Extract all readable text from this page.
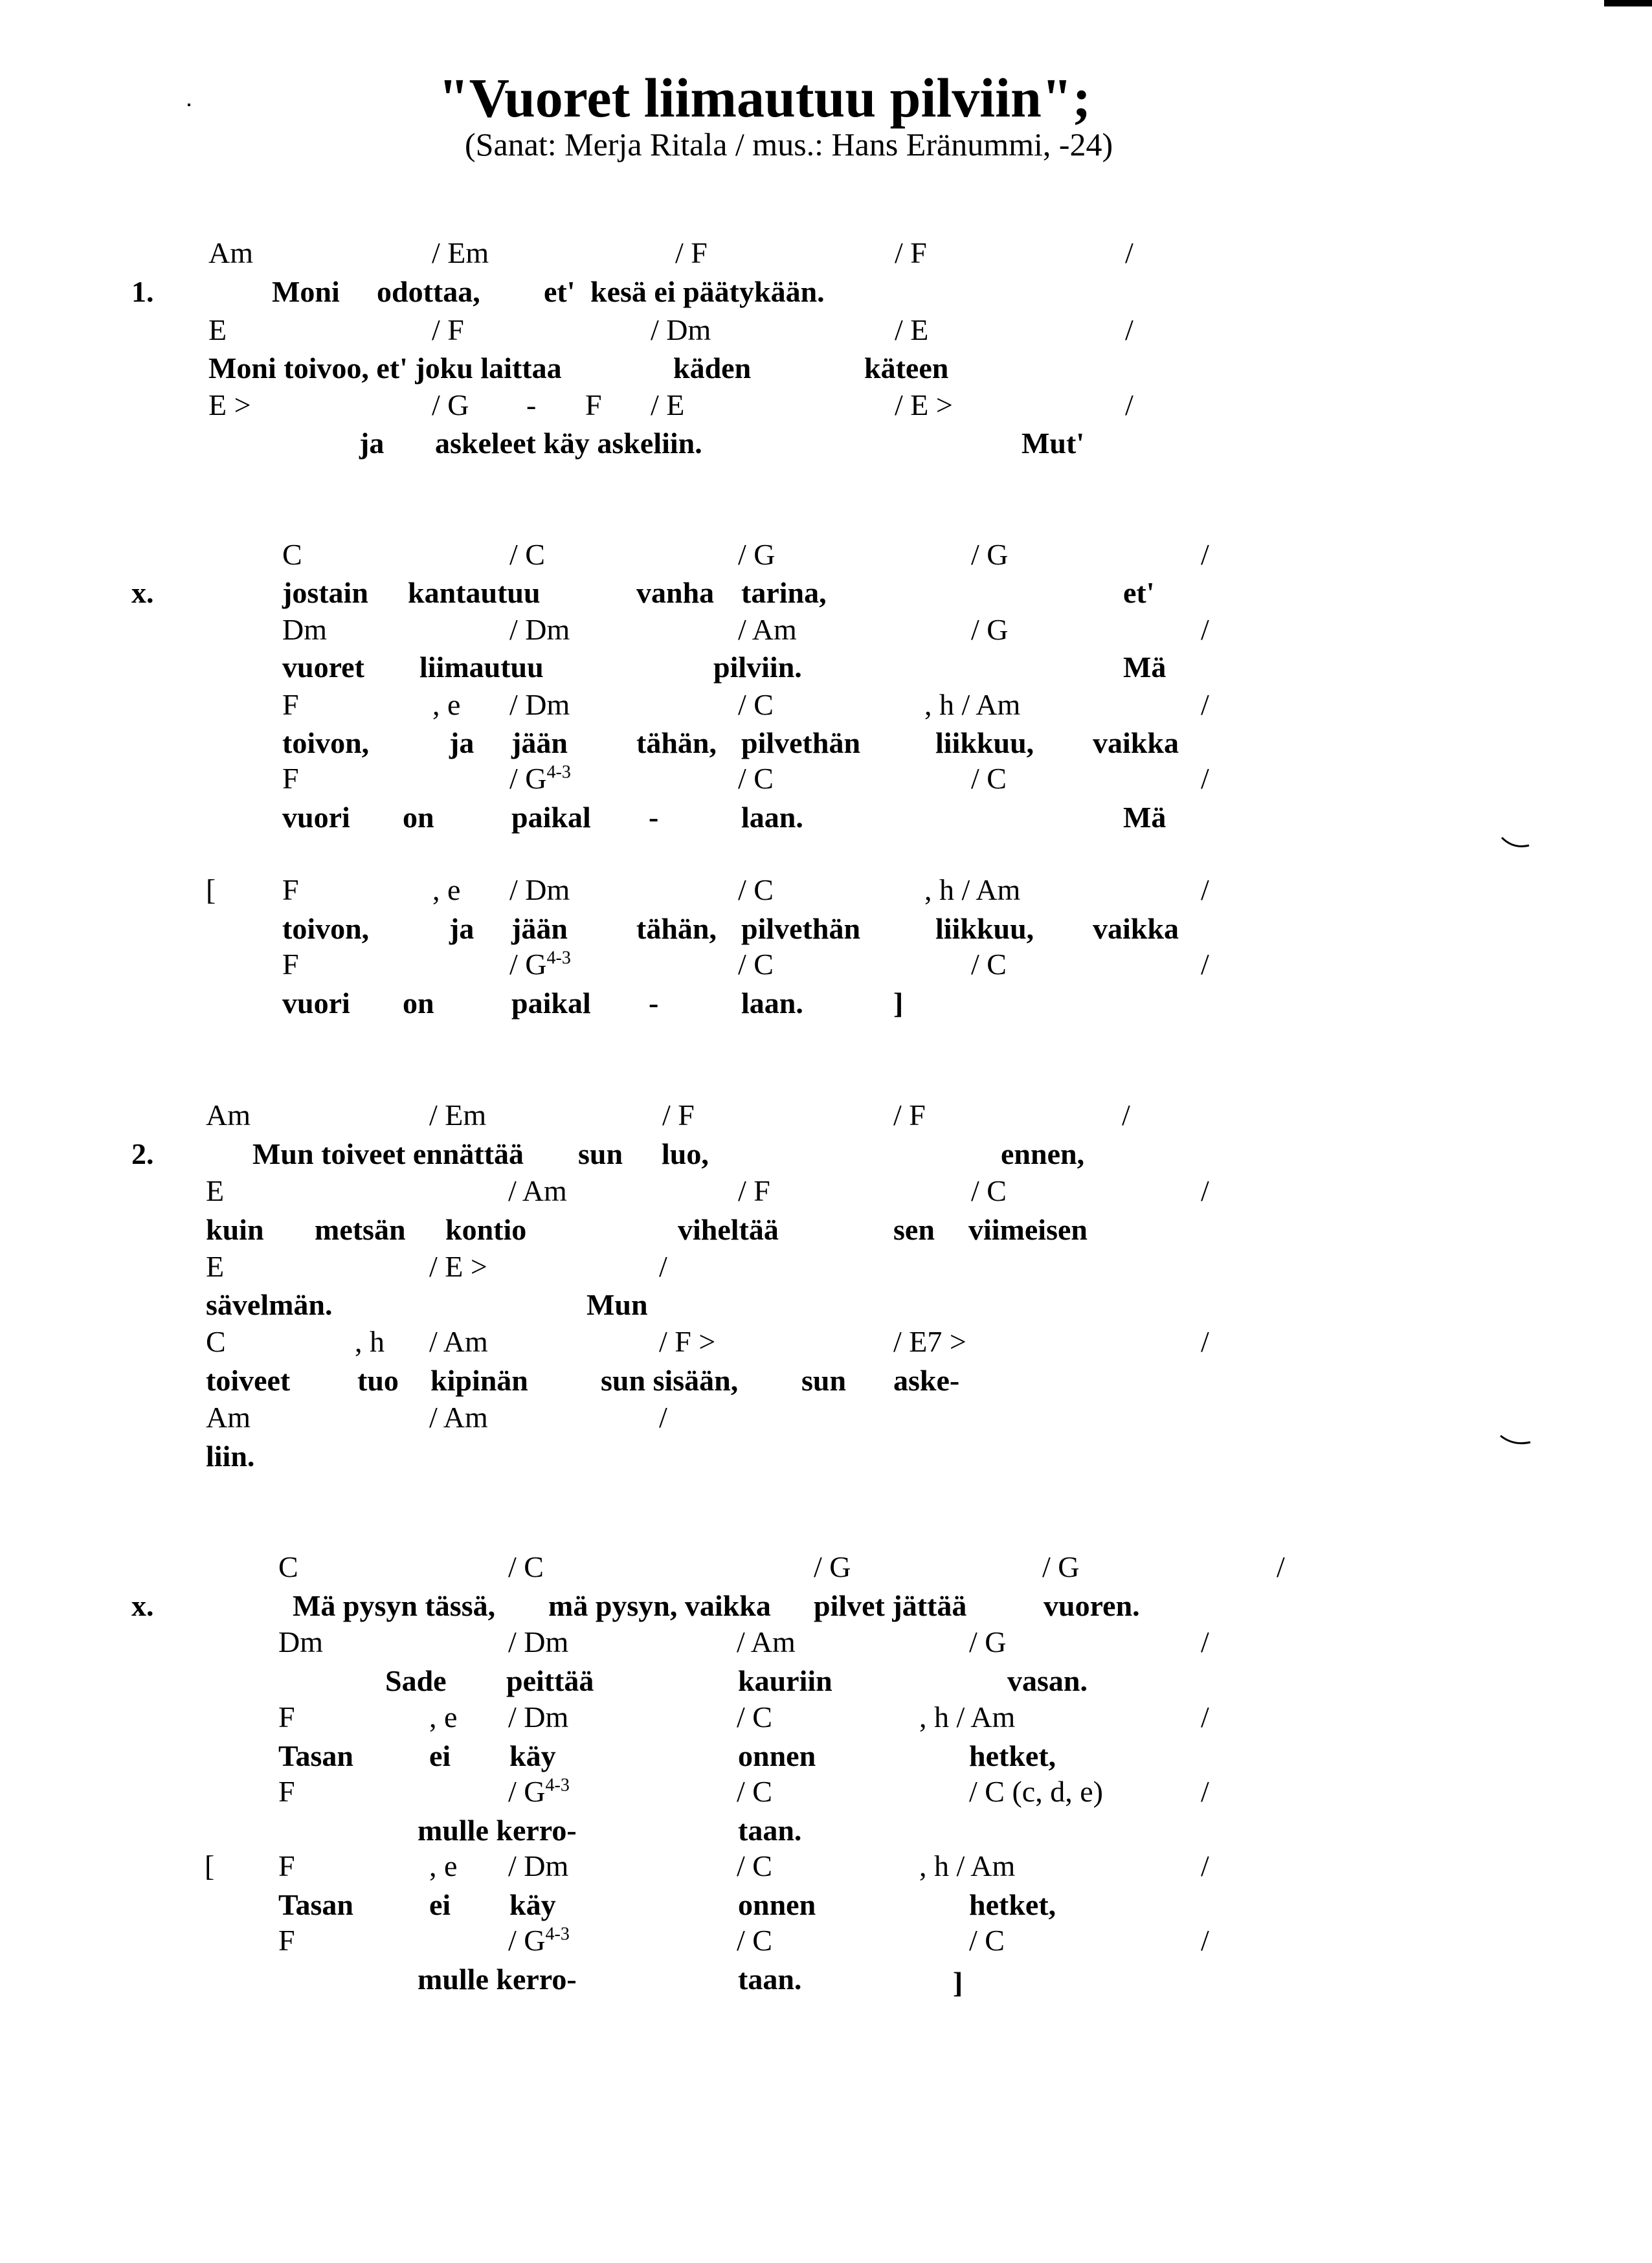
"Vuoret liimautuu pilviin";
(Sanat: Merja Ritala / mus.: Hans Eränummi, -24)
1.
Am	/ Em	/ F	/ F	/
Moni odottaa, et' kesä ei päätykään.
E	/ F	/ Dm	/ E	/
Moni toivoo, et' joku laittaa	käden	käteen
E >	/ G - F / E	/ E >	/
ja askeleet käy askeliin.	Mut'
x.
C	/ C	/ G	/ G	/
jostain kantautuu	vanha tarina,	et'
Dm	/ Dm	/ Am	/ G	/
vuoret liimautuu	pilviin.	Mä
F	, e / Dm	/ C	, h / Am	/
toivon,	ja jään tähän, pilvethän	liikkuu, vaikka
F	/ $G^{4-3}$	/ C	/ C	/
vuori on	paikal -	laan.	Mä
[ F	, e / Dm	/ C	, h / Am	/
toivon,	ja jään tähän, pilvethän	liikkuu, vaikka
F	/ $G^{4-3}$	/ C	/ C	/
vuori on	paikal -	laan.	]
2.
Am	/ Em	/ F	/ F	/
Mun toiveet ennättää sun luo,	ennen,
E	/ Am	/ F	/ C	/
kuin metsän kontio	viheltää	sen viimeisen
E	/ E >	/
sävelmän.	Mun
C	, h / Am	/ F >	/ E7 >	/
toiveet tuo kipinän sun sisään, sun aske-
Am	/ Am	/
liin.
x.
C	/ C	/ G	/ G	/
Mä pysyn tässä, mä pysyn, vaikka pilvet jättää	vuoren.
Dm	/ Dm	/ Am	/ G	/
Sade peittää	kauriin	vasan.
F	, e / Dm	/ C	, h / Am	/
Tasan	ei käy	onnen	hetket,
F	/ $G^{4-3}$	/ C	/ C (c, d, e)	/
mulle kerro-	taan.
[ F	, e / Dm	/ C	, h / Am	/
Tasan	ei käy	onnen	hetket,
F	/ $G^{4-3}$	/ C	/ C	/
mulle kerro-	taan.	]
